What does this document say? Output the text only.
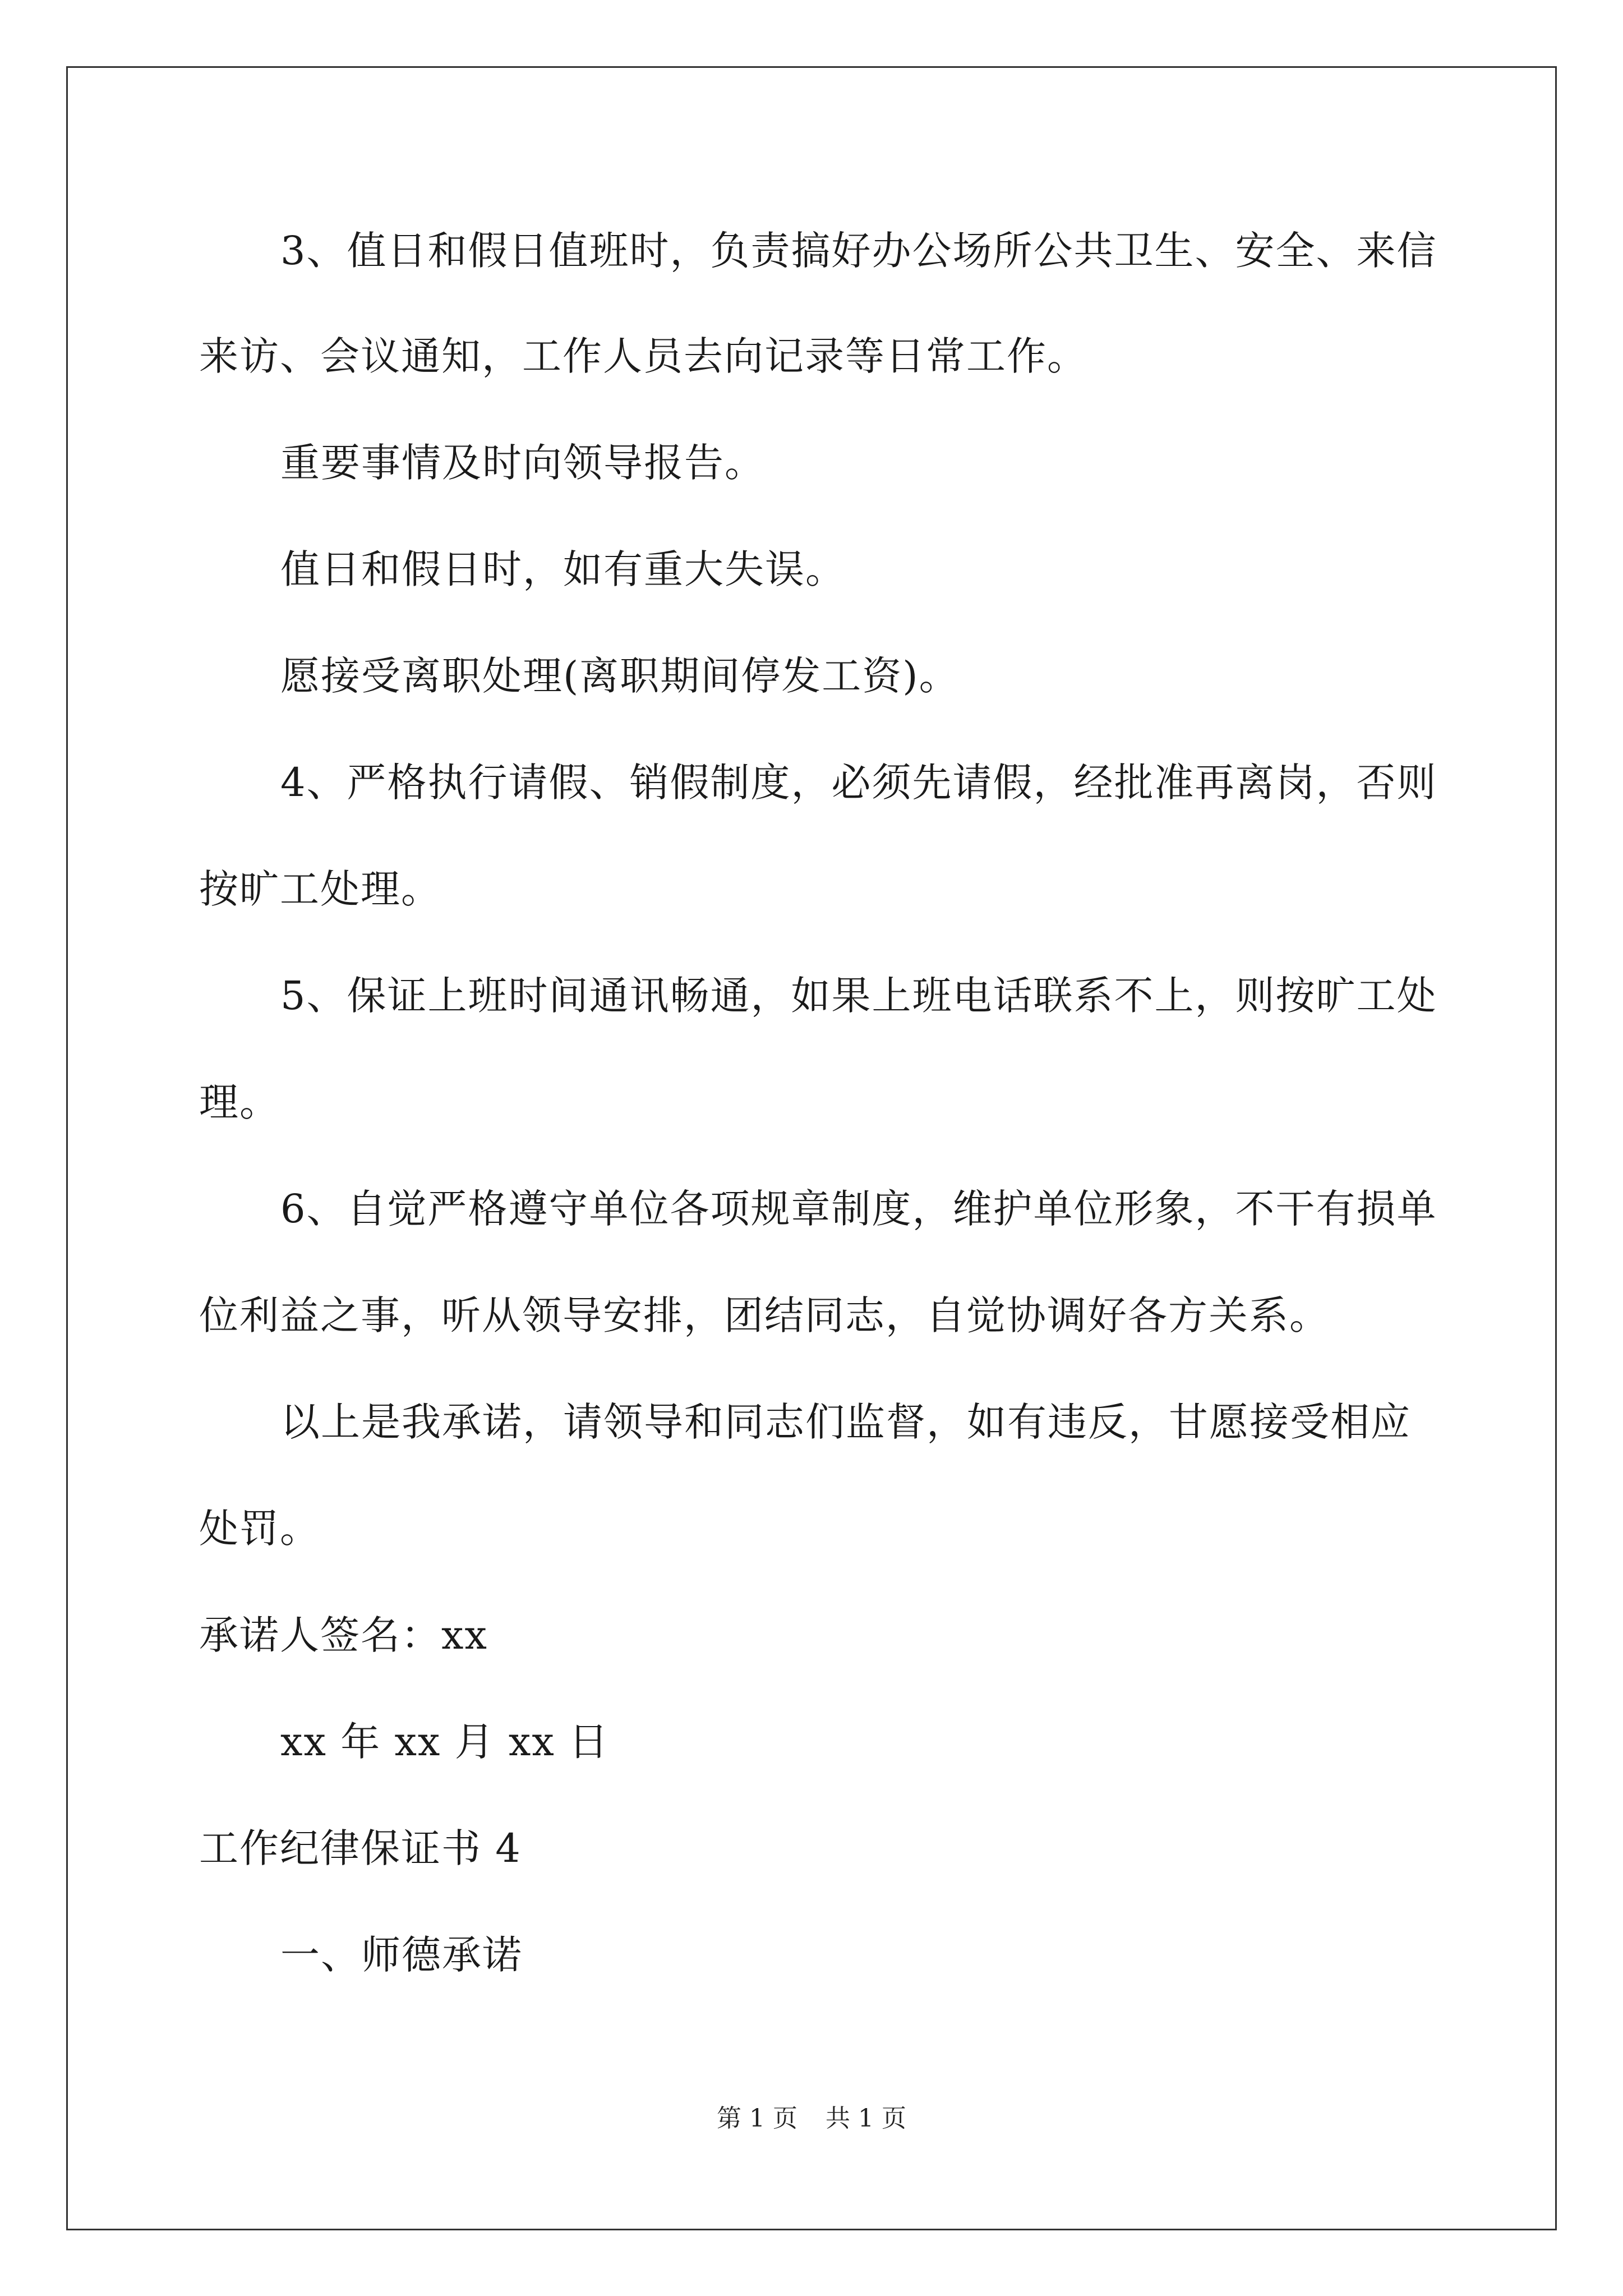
3、值日和假日值班时，负责搞好办公场所公共卫生、安全、来信
来访、会议通知，工作人员去向记录等日常工作。
重要事情及时向领导报告。
值日和假日时，如有重大失误。
愿接受离职处理(离职期间停发工资)。
4、严格执行请假、销假制度，必须先请假，经批准再离岗，否则
按旷工处理。
5、保证上班时间通讯畅通，如果上班电话联系不上，则按旷工处
理。
6、自觉严格遵守单位各项规章制度，维护单位形象，不干有损单
位利益之事，听从领导安排，团结同志，自觉协调好各方关系。
以上是我承诺，请领导和同志们监督，如有违反，甘愿接受相应
处罚。
承诺人签名：xx
xx 年 xx 月 xx 日
工作纪律保证书 4
一、师德承诺
第 1 页 共 1 页
